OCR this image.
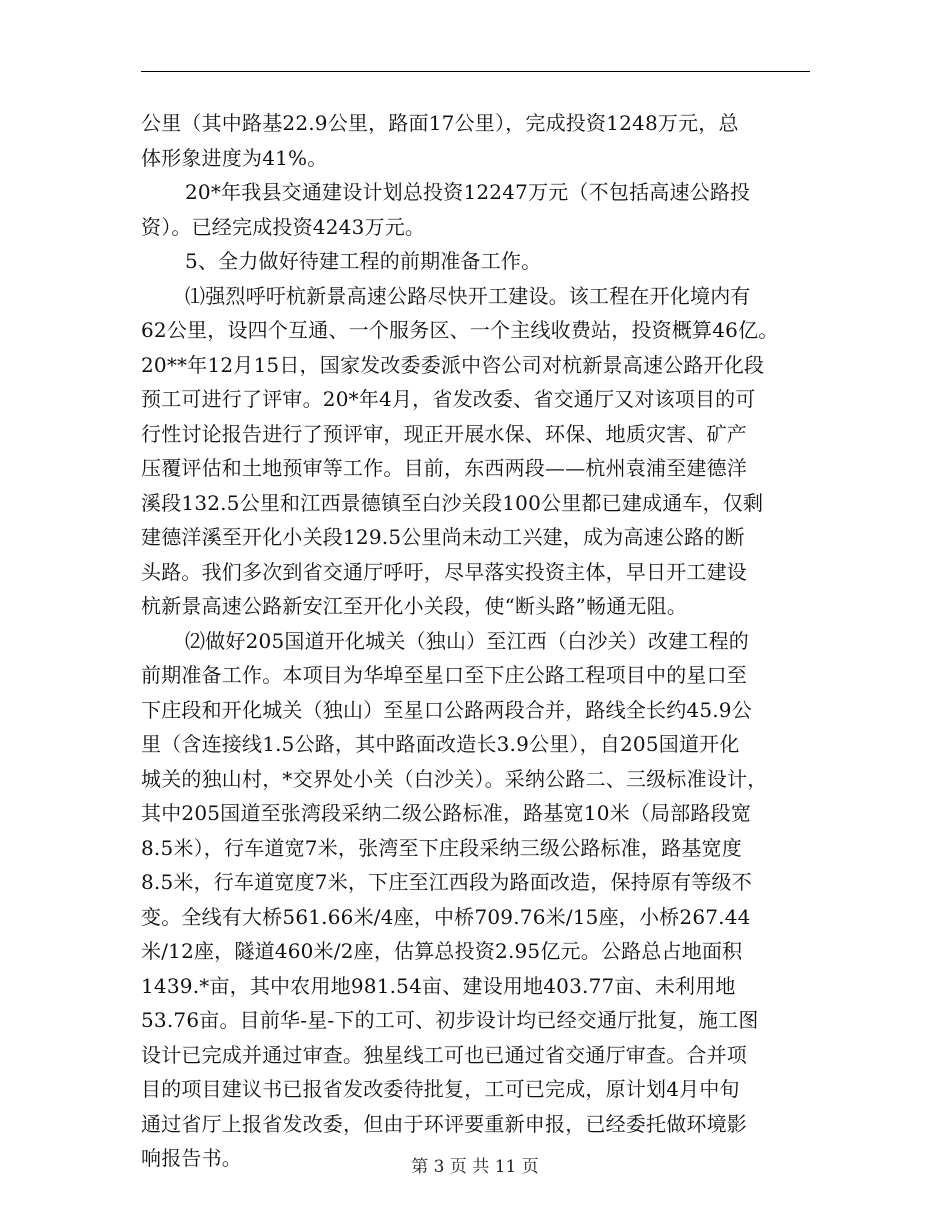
公里（其中路基22.9公里，路面17公里），完成投资1248万元，总
体形象进度为41%。
20*年我县交通建设计划总投资12247万元（不包括高速公路投
资）。已经完成投资4243万元。
5、全力做好待建工程的前期准备工作。
⑴强烈呼吁杭新景高速公路尽快开工建设。该工程在开化境内有
62公里，设四个互通、一个服务区、一个主线收费站，投资概算46亿。
20**年12月15日，国家发改委委派中咨公司对杭新景高速公路开化段
预工可进行了评审。20*年4月，省发改委、省交通厅又对该项目的可
行性讨论报告进行了预评审，现正开展水保、环保、地质灾害、矿产
压覆评估和土地预审等工作。目前，东西两段——杭州袁浦至建德洋
溪段132.5公里和江西景德镇至白沙关段100公里都已建成通车，仅剩
建德洋溪至开化小关段129.5公里尚未动工兴建，成为高速公路的断
头路。我们多次到省交通厅呼吁，尽早落实投资主体，早日开工建设
杭新景高速公路新安江至开化小关段，使“断头路”畅通无阻。
⑵做好205国道开化城关（独山）至江西（白沙关）改建工程的
前期准备工作。本项目为华埠至星口至下庄公路工程项目中的星口至
下庄段和开化城关（独山）至星口公路两段合并，路线全长约45.9公
里（含连接线1.5公路，其中路面改造长3.9公里），自205国道开化
城关的独山村，*交界处小关（白沙关）。采纳公路二、三级标准设计，
其中205国道至张湾段采纳二级公路标准，路基宽10米（局部路段宽
8.5米），行车道宽7米，张湾至下庄段采纳三级公路标准，路基宽度
8.5米，行车道宽度7米，下庄至江西段为路面改造，保持原有等级不
变。全线有大桥561.66米/4座，中桥709.76米/15座，小桥267.44
米/12座，隧道460米/2座，估算总投资2.95亿元。公路总占地面积
1439.*亩，其中农用地981.54亩、建设用地403.77亩、未利用地
53.76亩。目前华-星-下的工可、初步设计均已经交通厅批复，施工图
设计已完成并通过审查。独星线工可也已通过省交通厅审查。合并项
目的项目建议书已报省发改委待批复，工可已完成，原计划4月中旬
通过省厅上报省发改委，但由于环评要重新申报，已经委托做环境影
响报告书。	第 3 页 共 11 页
